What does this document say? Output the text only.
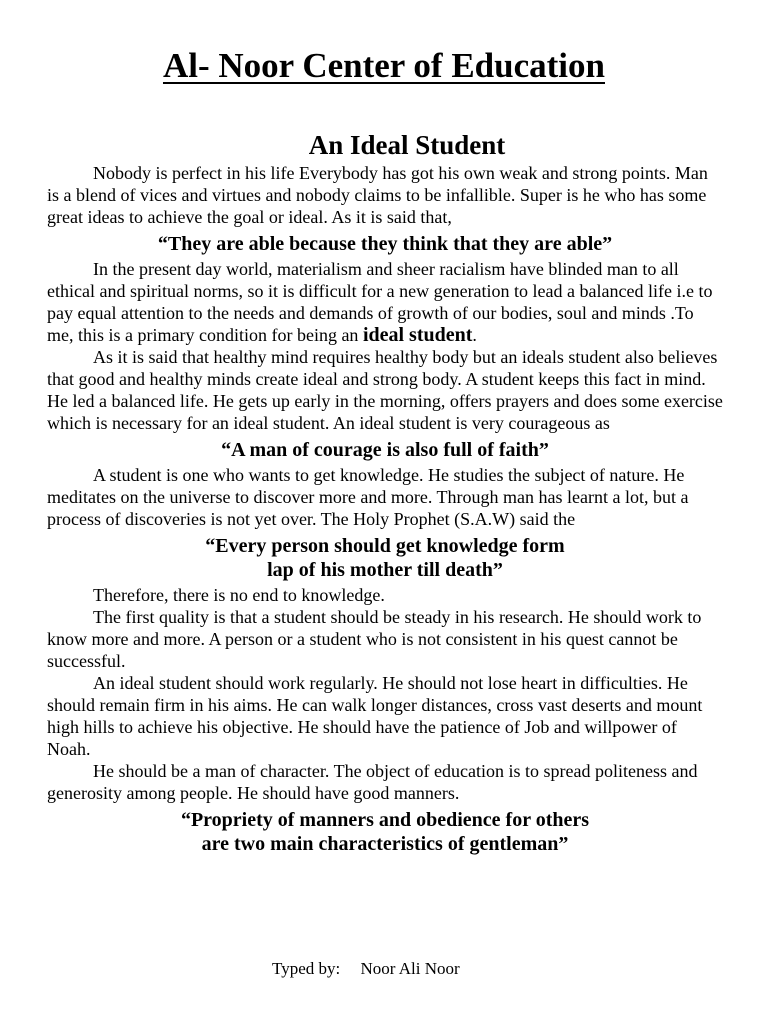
Al- Noor Center of Education
An Ideal Student

Nobody is perfect in his life Everybody has got his own weak and strong points. Man is a blend of vices and virtues and nobody claims to be infallible. Super is he who has some great ideas to achieve the goal or ideal. As it is said that,

“They are able because they think that they are able”

In the present day world, materialism and sheer racialism have blinded man to all ethical and spiritual norms, so it is difficult for a new generation to lead a balanced life i.e to pay equal attention to the needs and demands of growth of our bodies, soul and minds .To me, this is a primary condition for being an ideal student.

As it is said that healthy mind requires healthy body but an ideals student also believes that good and healthy minds create ideal and strong body. A student keeps this fact in mind. He led a balanced life. He gets up early in the morning, offers prayers and does some exercise which is necessary for an ideal student. An ideal student is very courageous as

“A man of courage is also full of faith”

A student is one who wants to get knowledge. He studies the subject of nature. He meditates on the universe to discover more and more. Through man has learnt a lot, but a process of discoveries is not yet over. The Holy Prophet (S.A.W) said the

“Every person should get knowledge form

lap of his mother till death”

Therefore, there is no end to knowledge.

The first quality is that a student should be steady in his research. He should work to know more and more. A person or a student who is not consistent in his quest cannot be successful.

An ideal student should work regularly. He should not lose heart in difficulties. He should remain firm in his aims. He can walk longer distances, cross vast deserts and mount high hills to achieve his objective. He should have the patience of Job and willpower of Noah.

He should be a man of character. The object of education is to spread politeness and generosity among people. He should have good manners.

“Propriety of manners and obedience for others

are two main characteristics of gentleman”

Typed by: Noor Ali Noor
